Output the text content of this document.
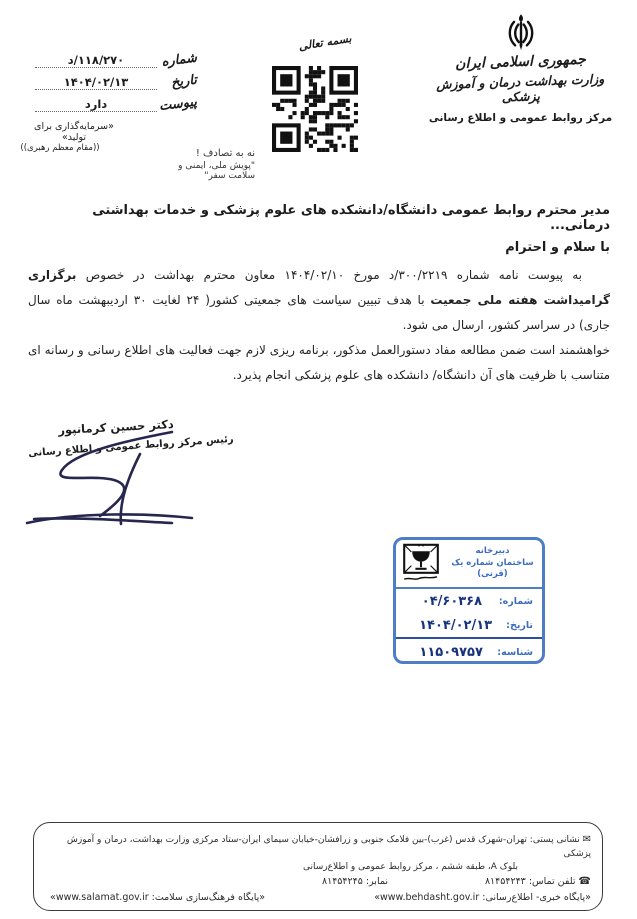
جمهوری اسلامی ایران
وزارت بهداشت درمان و آموزش پزشکی
مرکز روابط عمومی و اطلاع رسانی
بسمه تعالی
شماره
۱۱۸/۲۷۰/د
تاریخ
۱۴۰۴/۰۲/۱۳
پیوست
دارد
«سرمایه‌گذاری برای تولید»
((مقام معظم رهبری))	نه به تصادف !
"پویش ملی، ایمنی و سلامت سفر"

مدیر محترم روابط عمومی دانشگاه/دانشکده های علوم پزشکی و خدمات بهداشتی درمانی...

با سلام و احترام

به پیوست نامه شماره ۳۰۰/۲۲۱۹/د مورخ ۱۴۰۴/۰۲/۱۰ معاون محترم بهداشت در خصوص برگزاری گرامیداشت هفته ملی جمعیت با هدف تبیین سیاست های جمعیتی کشور( ۲۴ لغایت ۳۰ اردیبهشت ماه سال جاری) در سراسر کشور، ارسال می شود.

خواهشمند است ضمن مطالعه مفاد دستورالعمل مذکور، برنامه ریزی لازم جهت فعالیت های اطلاع رسانی و رسانه ای متناسب با ظرفیت های آن دانشگاه/ دانشکده های علوم پزشکی انجام پذیرد.

دکتر حسین کرمانپور
رئیس مرکز روابط عمومی و اطلاع رسانی
دبیرخانه
ساختمان شماره یک
(قرنی)
شماره:
۰۴/۶۰۳۶۸
تاریخ:
۱۴۰۴/۰۲/۱۳
شناسه:
۱۱۵۰۹۷۵۷
✉ نشانی پستی: تهران-شهرک قدس (غرب)-بین فلامک جنوبی و زرافشان-خیابان سیمای ایران-ستاد مرکزی وزارت بهداشت، درمان و آموزش پزشکی
بلوک A، طبقه ششم ، مرکز روابط عمومی و اطلاع‌رسانی
☎ تلفن تماس: ۸۱۴۵۴۲۴۳
نمابر: ۸۱۴۵۴۲۴۵
«پایگاه خبری- اطلاع‌رسانی: www.behdasht.gov.ir»
«پایگاه فرهنگ‌سازی سلامت: www.salamat.gov.ir»
